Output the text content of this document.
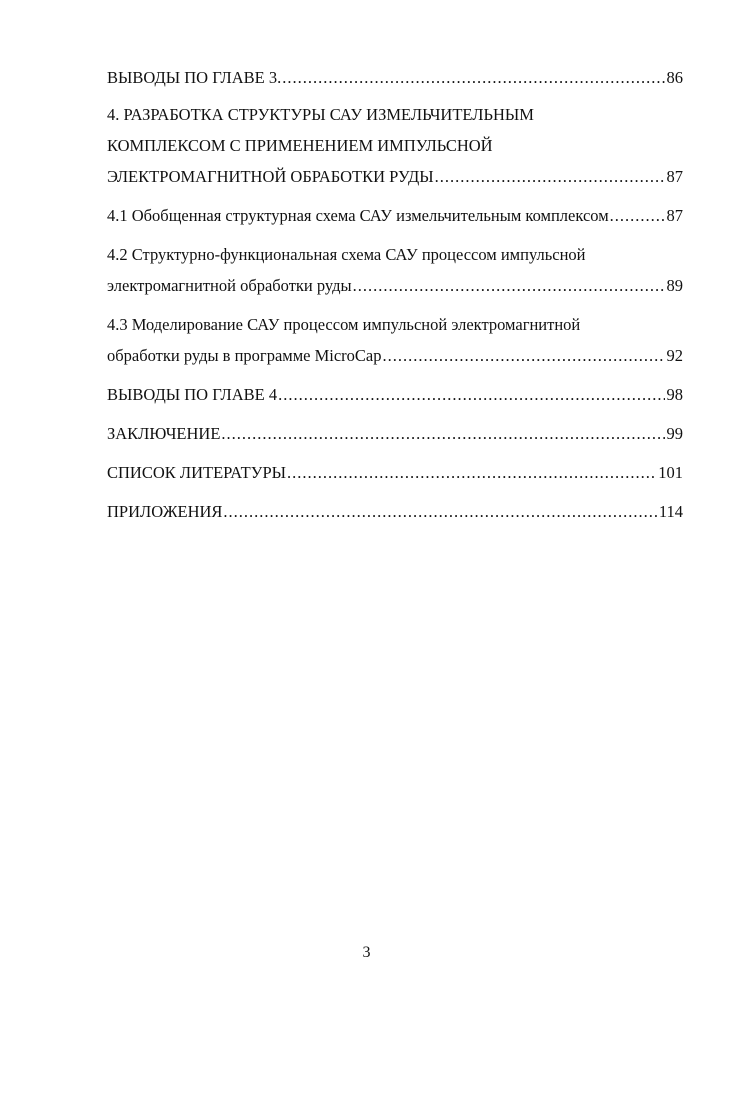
ВЫВОДЫ ПО ГЛАВЕ 3. .....	86
4. РАЗРАБОТКА СТРУКТУРЫ САУ ИЗМЕЛЬЧИТЕЛЬНЫМ
КОМПЛЕКСОМ С ПРИМЕНЕНИЕМ ИМПУЛЬСНОЙ
ЭЛЕКТРОМАГНИТНОЙ ОБРАБОТКИ РУДЫ .....	87
4.1 Обобщенная структурная схема САУ измельчительным комплексом .....	87
4.2 Структурно-функциональная схема САУ процессом импульсной
электромагнитной обработки руды .....	89
4.3 Моделирование САУ процессом импульсной электромагнитной
обработки руды в программе MicroCap .....	92
ВЫВОДЫ ПО ГЛАВЕ 4 .....	98
ЗАКЛЮЧЕНИЕ .....	99
СПИСОК ЛИТЕРАТУРЫ .....	101
ПРИЛОЖЕНИЯ .....	114
3
